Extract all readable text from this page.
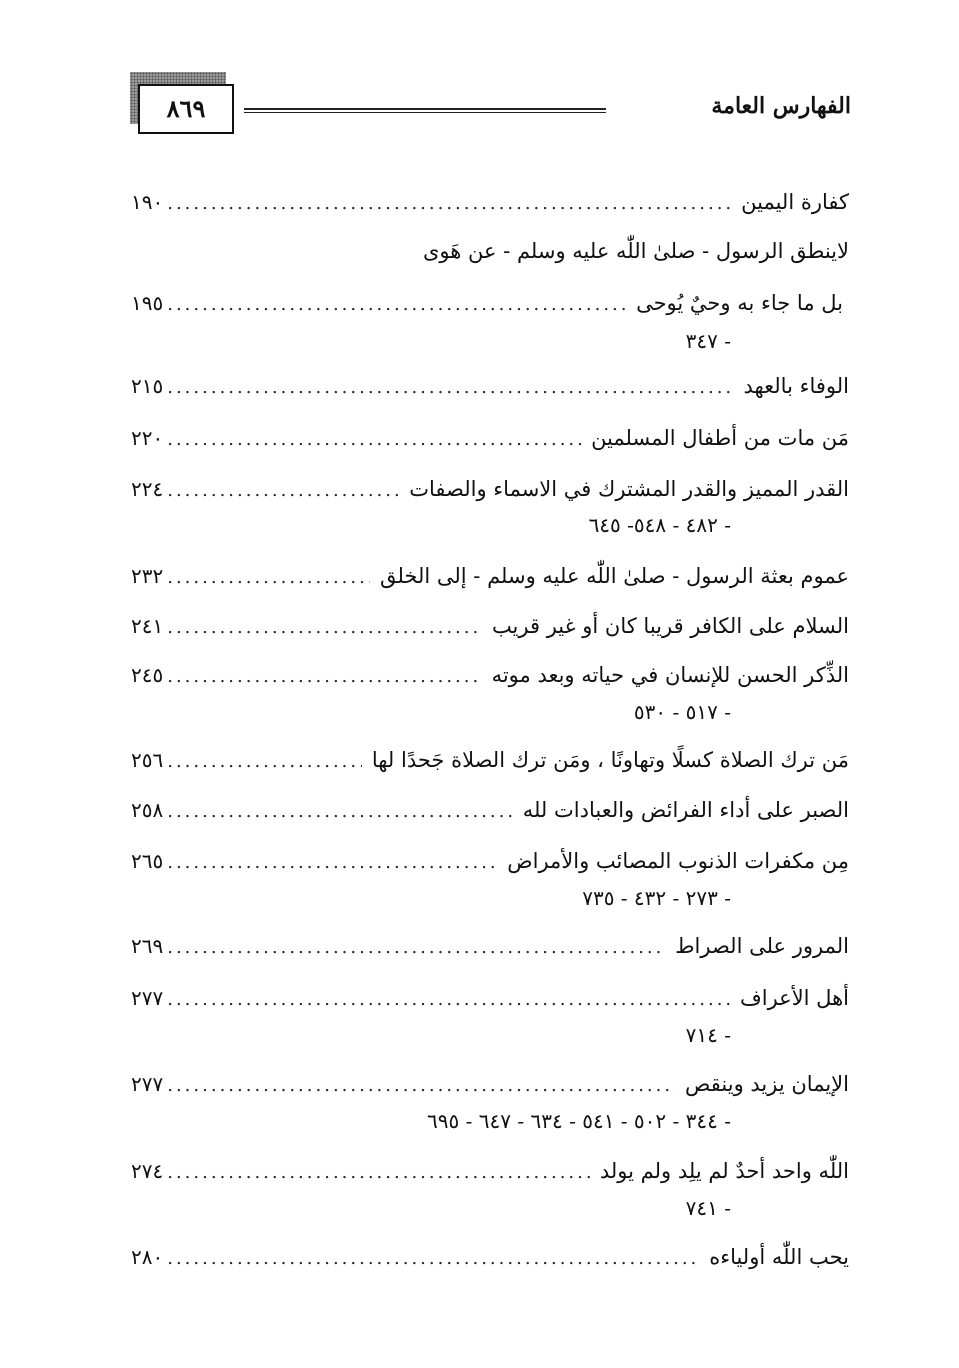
٨٦٩	الفهارس العامة
كفارة اليمين
.....
١٩٠
لاينطق الرسول - صلىٰ اللّٰه عليه وسلم - عن هَوى
بل ما جاء به وحيٌ يُوحى
.....
١٩٥
- ٣٤٧
الوفاء بالعهد
.....
٢١٥
مَن مات من أطفال المسلمين
.....
٢٢٠
القدر المميز والقدر المشترك في الاسماء والصفات
.....
٢٢٤
- ٤٨٢ - ٥٤٨- ٦٤٥
عموم بعثة الرسول - صلىٰ اللّٰه عليه وسلم - إلى الخلق
.....
٢٣٢
السلام على الكافر قريبا كان أو غير قريب
.....
٢٤١
الذِّكر الحسن للإنسان في حياته وبعد موته
.....
٢٤٥
- ٥١٧ - ٥٣٠
مَن ترك الصلاة كسلًا وتهاونًا ، ومَن ترك الصلاة جَحدًا لها
.....
٢٥٦
الصبر على أداء الفرائض والعبادات لله
.....
٢٥٨
مِن مكفرات الذنوب المصائب والأمراض
.....
٢٦٥
- ٢٧٣ - ٤٣٢ - ٧٣٥
المرور على الصراط
.....
٢٦٩
أهل الأعراف
.....
٢٧٧
- ٧١٤
الإيمان يزيد وينقص
.....
٢٧٧
- ٣٤٤ - ٥٠٢ - ٥٤١ - ٦٣٤ - ٦٤٧ - ٦٩٥
اللّٰه واحد أحدٌ لم يلِد ولم يولد
.....
٢٧٤
- ٧٤١
يحب اللّٰه أولياءه
.....
٢٨٠
